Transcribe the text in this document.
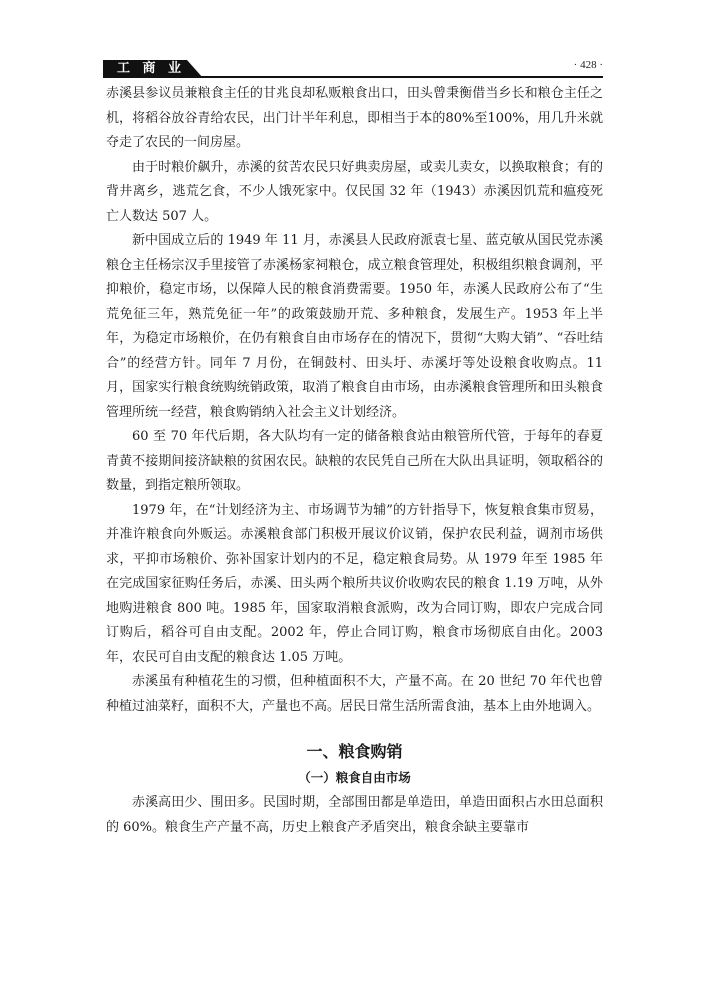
工 商 业	· 428 ·

赤溪县参议员兼粮食主任的甘兆良却私贩粮食出口，田头曾秉衡借当乡长和粮仓主任之机，将稻谷放谷青给农民，出门计半年利息，即相当于本的80%至100%，用几升米就夺走了农民的一间房屋。

由于时粮价飙升，赤溪的贫苦农民只好典卖房屋，或卖儿卖女，以换取粮食；有的背井离乡，逃荒乞食，不少人饿死家中。仅民国 32 年（1943）赤溪因饥荒和瘟疫死亡人数达 507 人。

新中国成立后的 1949 年 11 月，赤溪县人民政府派袁七星、蓝克敏从国民党赤溪粮仓主任杨宗汉手里接管了赤溪杨家祠粮仓，成立粮食管理处，积极组织粮食调剂，平抑粮价，稳定市场，以保障人民的粮食消费需要。1950 年，赤溪人民政府公布了“生荒免征三年，熟荒免征一年”的政策鼓励开荒、多种粮食，发展生产。1953 年上半年，为稳定市场粮价，在仍有粮食自由市场存在的情况下，贯彻“大购大销”、“吞吐结合”的经营方针。同年 7 月份，在铜鼓村、田头圩、赤溪圩等处设粮食收购点。11 月，国家实行粮食统购统销政策，取消了粮食自由市场，由赤溪粮食管理所和田头粮食管理所统一经营，粮食购销纳入社会主义计划经济。

60 至 70 年代后期，各大队均有一定的储备粮食站由粮管所代管，于每年的春夏青黄不接期间接济缺粮的贫困农民。缺粮的农民凭自己所在大队出具证明，领取稻谷的数量，到指定粮所领取。

1979 年，在“计划经济为主、市场调节为辅”的方针指导下，恢复粮食集市贸易，并准许粮食向外贩运。赤溪粮食部门积极开展议价议销，保护农民利益，调剂市场供求，平抑市场粮价、弥补国家计划内的不足，稳定粮食局势。从 1979 年至 1985 年在完成国家征购任务后，赤溪、田头两个粮所共议价收购农民的粮食 1.19 万吨，从外地购进粮食 800 吨。1985 年，国家取消粮食派购，改为合同订购，即农户完成合同订购后，稻谷可自由支配。2002 年，停止合同订购，粮食市场彻底自由化。2003 年，农民可自由支配的粮食达 1.05 万吨。

赤溪虽有种植花生的习惯，但种植面积不大，产量不高。在 20 世纪 70 年代也曾种植过油菜籽，面积不大，产量也不高。居民日常生活所需食油，基本上由外地调入。

一、粮食购销
（一）粮食自由市场

赤溪高田少、围田多。民国时期，全部围田都是单造田，单造田面积占水田总面积的 60%。粮食生产产量不高，历史上粮食产矛盾突出，粮食余缺主要靠市
